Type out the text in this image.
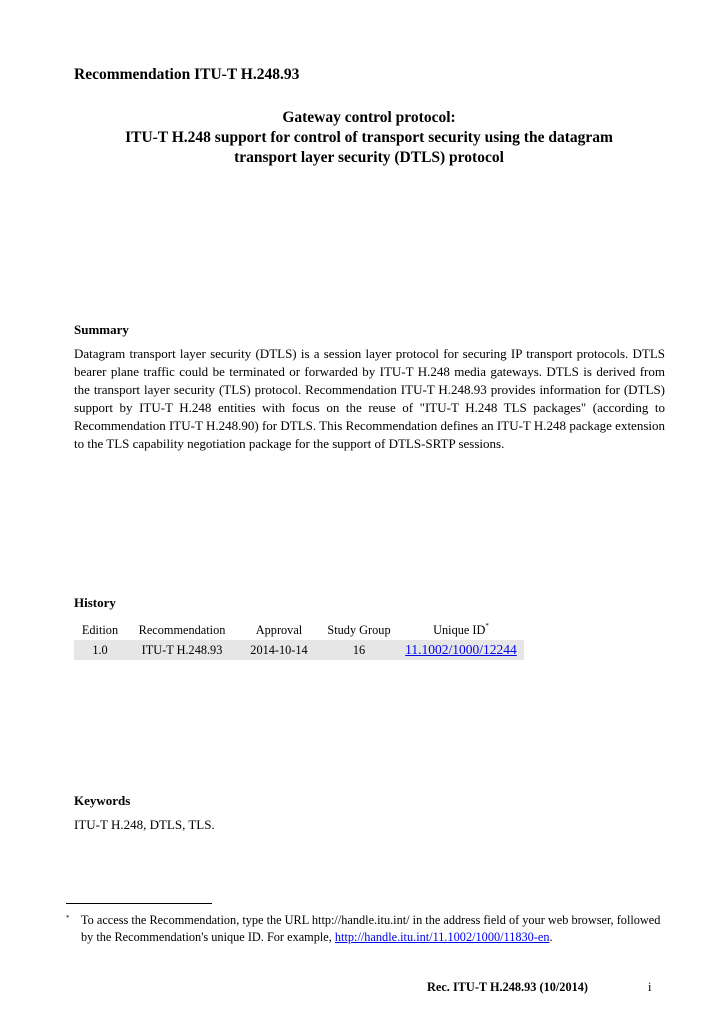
Recommendation ITU-T H.248.93
Gateway control protocol:
ITU-T H.248 support for control of transport security using the datagram
transport layer security (DTLS) protocol
Summary

Datagram transport layer security (DTLS) is a session layer protocol for securing IP transport protocols. DTLS bearer plane traffic could be terminated or forwarded by ITU-T H.248 media gateways. DTLS is derived from the transport layer security (TLS) protocol. Recommendation ITU-T H.248.93 provides information for (DTLS) support by ITU-T H.248 entities with focus on the reuse of "ITU-T H.248 TLS packages" (according to Recommendation ITU-T H.248.90) for DTLS. This Recommendation defines an ITU-T H.248 package extension to the TLS capability negotiation package for the support of DTLS-SRTP sessions.

History
Edition	Recommendation	Approval	Study Group	Unique ID*
1.0	ITU-T H.248.93	2014-10-14	16	11.1002/1000/12244
Keywords
ITU-T H.248, DTLS, TLS.
* To access the Recommendation, type the URL http://handle.itu.int/ in the address field of your web browser, followed by the Recommendation's unique ID. For example, http://handle.itu.int/11.1002/1000/11830-en.
Rec. ITU-T H.248.93 (10/2014)	i
